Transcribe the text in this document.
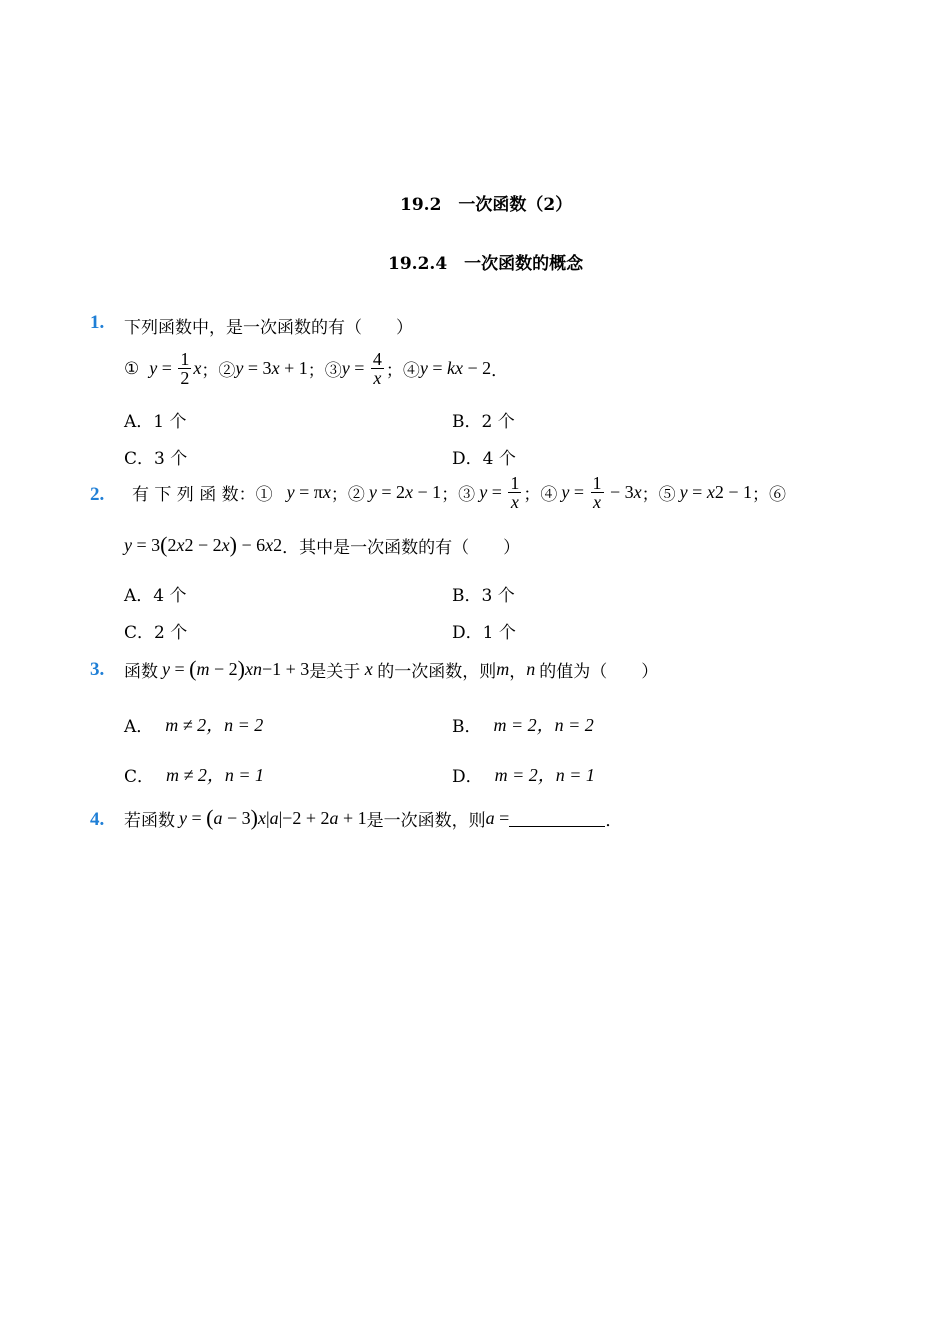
19.2　一次函数（2）
19.2.4　一次函数的概念
1. 下列函数中，是一次函数的有（　　）
① $y = \frac{1}{2}$ x ；② y = 3 x + 1 ；③ $y = \frac{4}{x}$ ；④ y = kx − 2 ．
A．1 个	B．2 个
C．3 个	D．4 个
2. 有 下 列 函 数：① y = π x ；② y = 2 x − 1 ；③ $y = \frac{1}{x}$ ；④ $y = \frac{1}{x} - 3$ x ；⑤ y = x 2 − 1 ；⑥
y = 3 ( 2 x 2 − 2 x ) − 6 x 2 ．其中是一次函数的有（　　）
A．4 个	B．3 个
C．2 个	D．1 个
3. 函数 y = ( m − 2 ) x n−1 + 3 是关于 x 的一次函数，则 m ， n 的值为（　　）
A． m ≠ 2，n = 2	B． m = 2，n = 2
C． m ≠ 2，n = 1	D． m = 2，n = 1
4. 若函数 y = ( a − 3 ) x |a|−2 + 2 a + 1 是一次函数，则 a =	．
